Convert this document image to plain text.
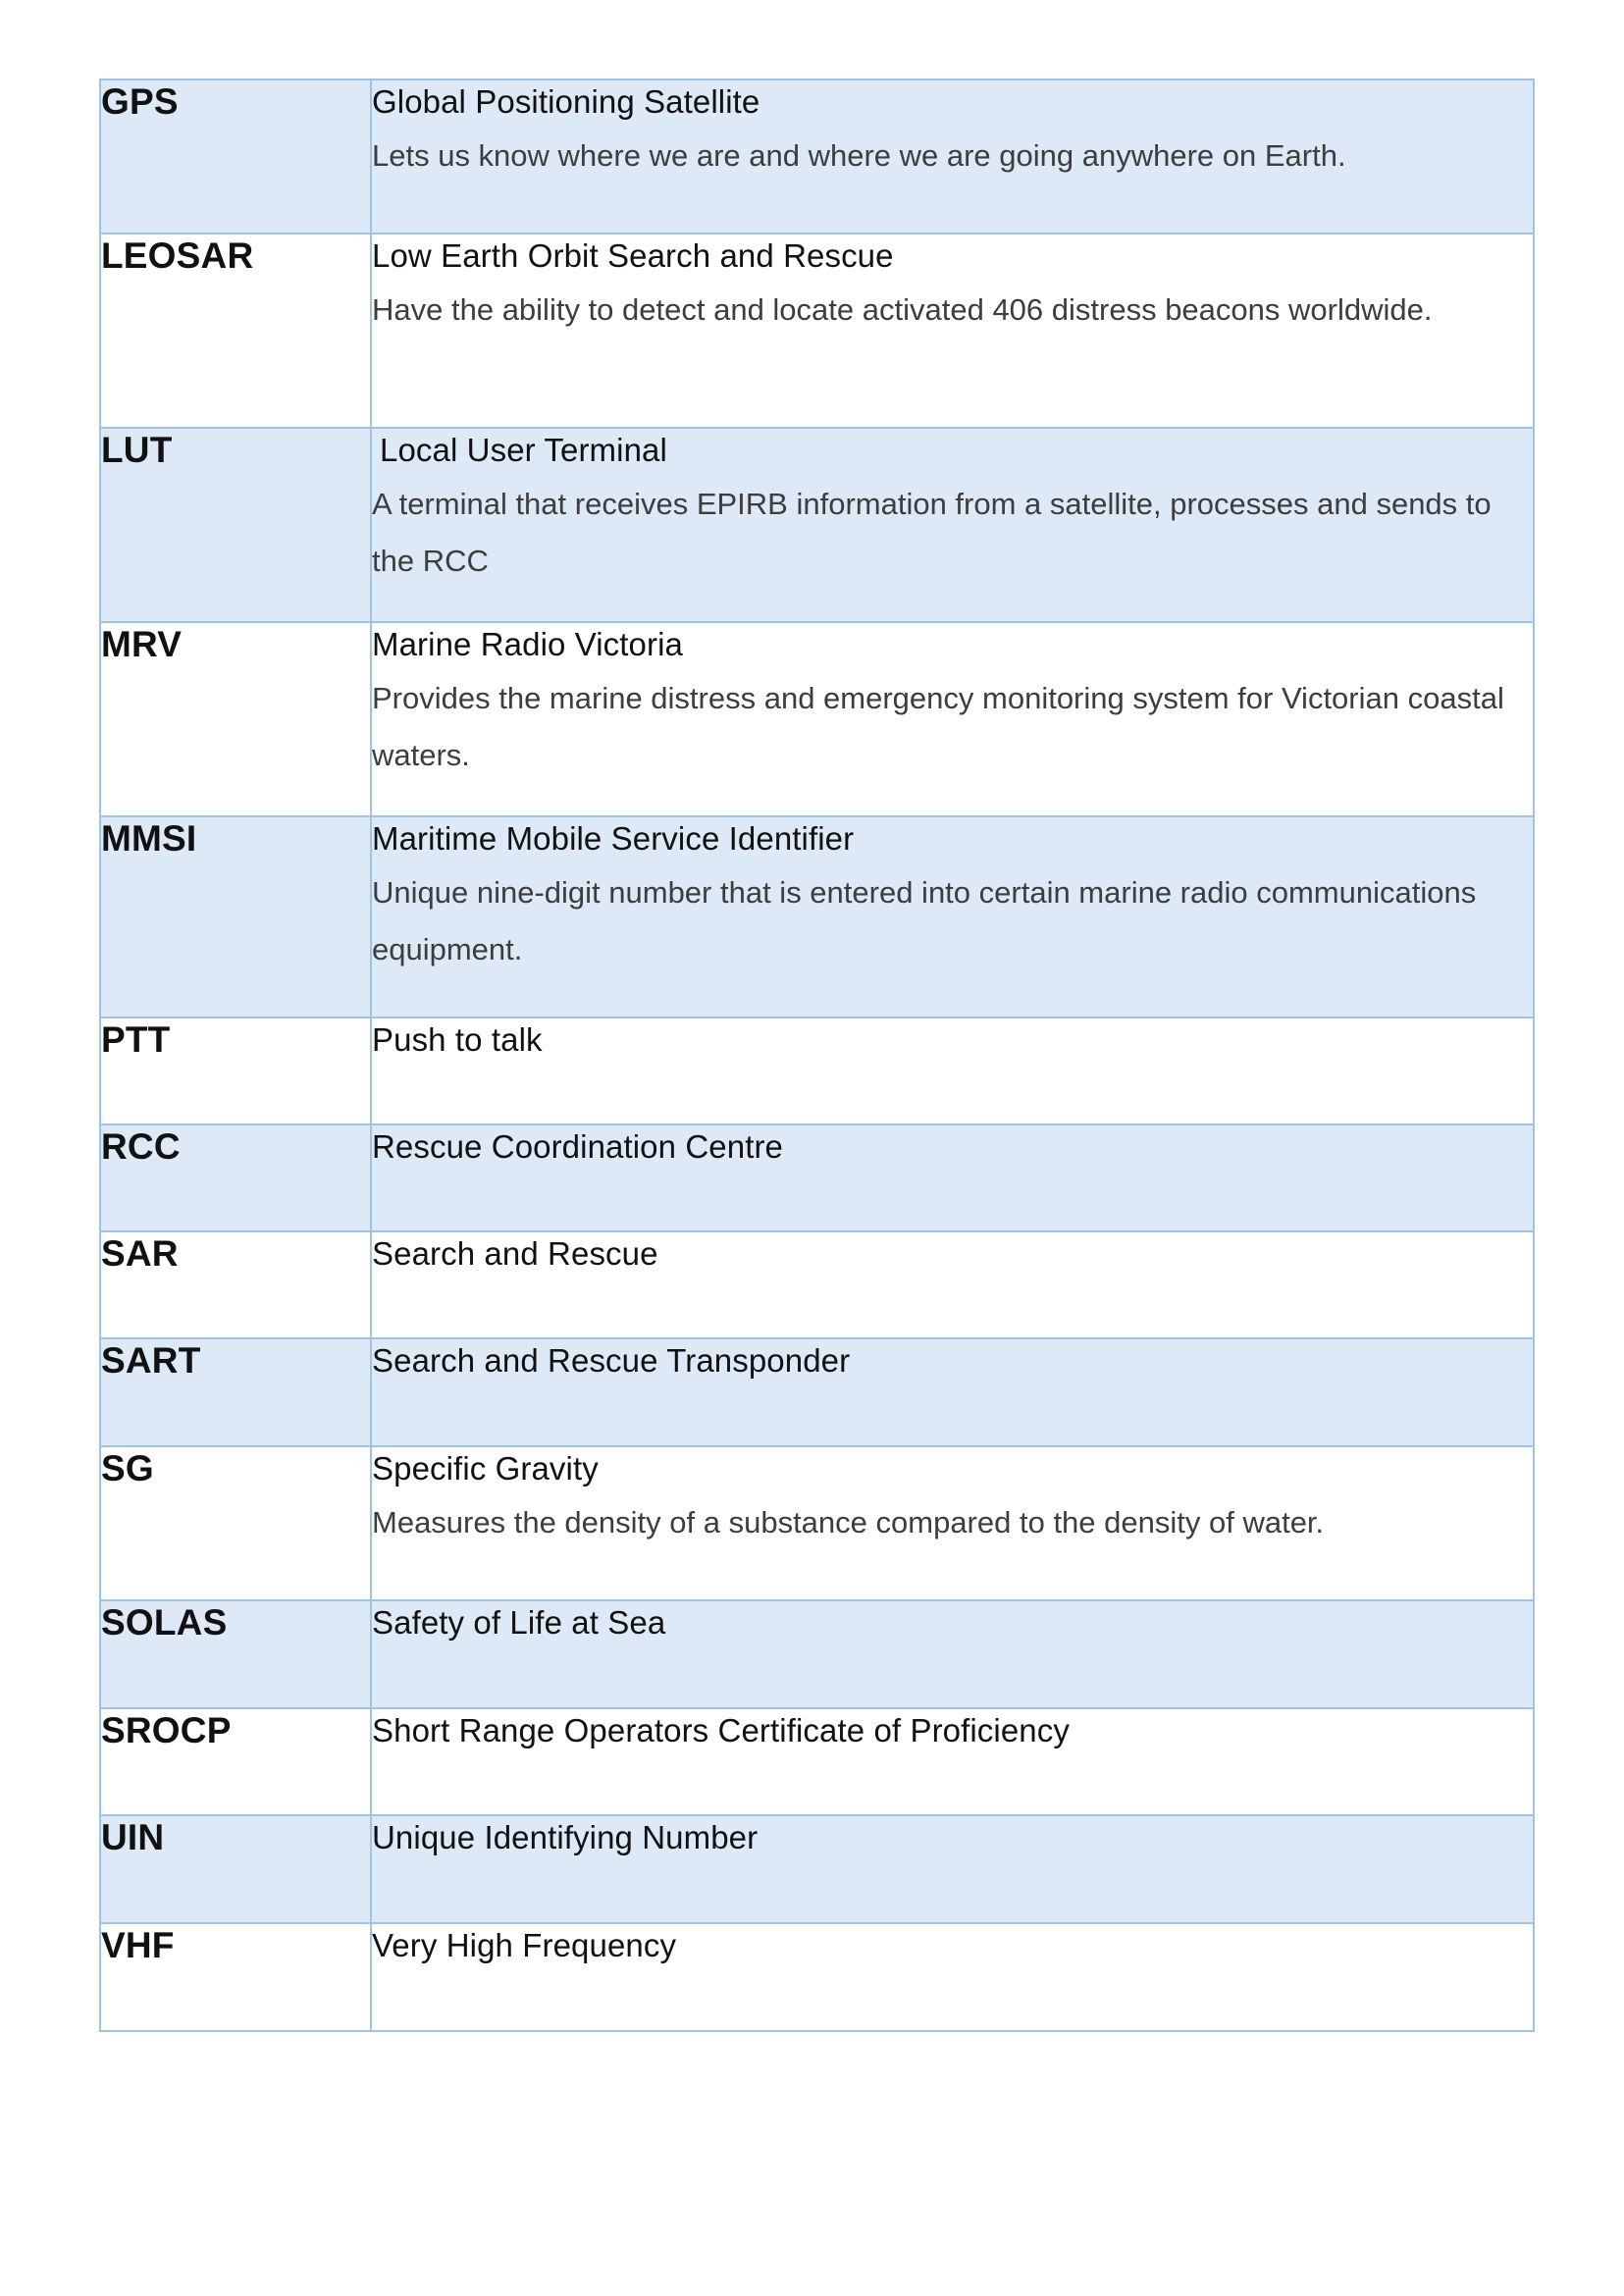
GPS	Global Positioning Satellite
Lets us know where we are and where we are going anywhere on Earth.

LEOSAR	Low Earth Orbit Search and Rescue
Have the ability to detect and locate activated 406 distress beacons worldwide.

LUT	Local User Terminal
A terminal that receives EPIRB information from a satellite, processes and sends to the RCC

MRV	Marine Radio Victoria
Provides the marine distress and emergency monitoring system for Victorian coastal waters.

MMSI	Maritime Mobile Service Identifier
Unique nine-digit number that is entered into certain marine radio communications equipment.

PTT	Push to talk

RCC	Rescue Coordination Centre

SAR	Search and Rescue

SART	Search and Rescue Transponder

SG	Specific Gravity
Measures the density of a substance compared to the density of water.

SOLAS	Safety of Life at Sea

SROCP	Short Range Operators Certificate of Proficiency

UIN	Unique Identifying Number

VHF	Very High Frequency
